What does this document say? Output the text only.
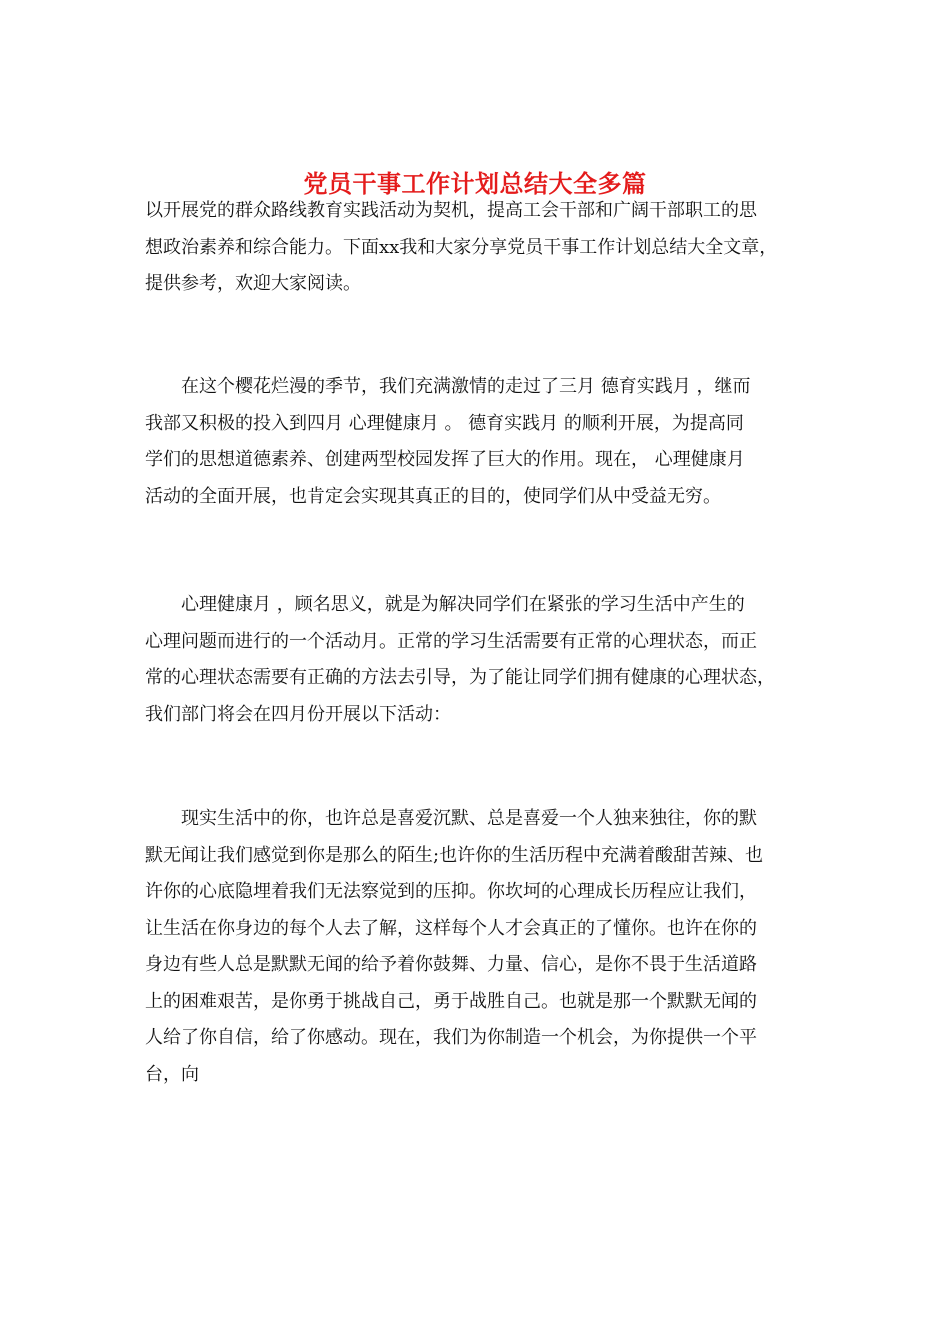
党员干事工作计划总结大全多篇

以开展党的群众路线教育实践活动为契机，提高工会干部和广阔干部职工的思
想政治素养和综合能力。下面xx我和大家分享党员干事工作计划总结大全文章，
提供参考，欢迎大家阅读。

　　在这个樱花烂漫的季节，我们充满激情的走过了三月 德育实践月 ，继而
我部又积极的投入到四月 心理健康月 。 德育实践月 的顺利开展，为提高同
学们的思想道德素养、创建两型校园发挥了巨大的作用。现在， 心理健康月
活动的全面开展，也肯定会实现其真正的目的，使同学们从中受益无穷。

　　心理健康月 ，顾名思义，就是为解决同学们在紧张的学习生活中产生的
心理问题而进行的一个活动月。正常的学习生活需要有正常的心理状态，而正
常的心理状态需要有正确的方法去引导，为了能让同学们拥有健康的心理状态，
我们部门将会在四月份开展以下活动：

　　现实生活中的你，也许总是喜爱沉默、总是喜爱一个人独来独往，你的默
默无闻让我们感觉到你是那么的陌生;也许你的生活历程中充满着酸甜苦辣、也
许你的心底隐埋着我们无法察觉到的压抑。你坎坷的心理成长历程应让我们，
让生活在你身边的每个人去了解，这样每个人才会真正的了懂你。也许在你的
身边有些人总是默默无闻的给予着你鼓舞、力量、信心，是你不畏于生活道路
上的困难艰苦，是你勇于挑战自己，勇于战胜自己。也就是那一个默默无闻的
人给了你自信，给了你感动。现在，我们为你制造一个机会，为你提供一个平
台，向
